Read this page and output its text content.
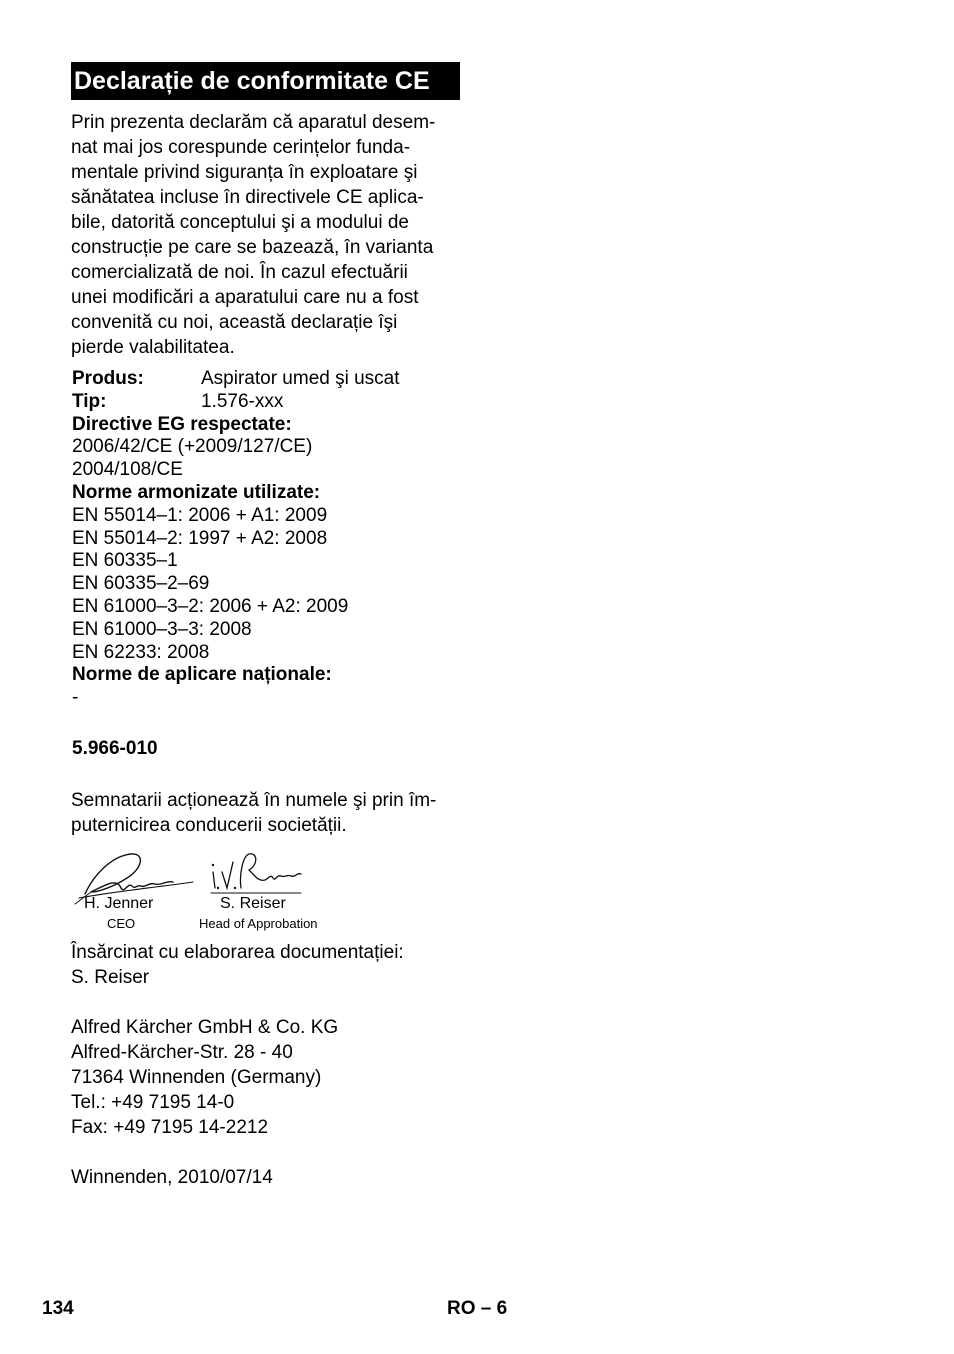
Declarație de conformitate CE
Prin prezenta declarăm că aparatul desem-
nat mai jos corespunde cerințelor funda-
mentale privind siguranța în exploatare şi
sănătatea incluse în directivele CE aplica-
bile, datorită conceptului şi a modului de
construcție pe care se bazează, în varianta
comercializată de noi. În cazul efectuării
unei modificări a aparatului care nu a fost
convenită cu noi, această declarație îşi
pierde valabilitatea.
Produs:	Aspirator umed şi uscat
Tip:	1.576-xxx
Directive EG respectate:
2006/42/CE (+2009/127/CE)
2004/108/CE
Norme armonizate utilizate:
EN 55014–1: 2006 + A1: 2009
EN 55014–2: 1997 + A2: 2008
EN 60335–1
EN 60335–2–69
EN 61000–3–2: 2006 + A2: 2009
EN 61000–3–3: 2008
EN 62233: 2008
Norme de aplicare naționale:
-
5.966-010
Semnatarii acționează în numele şi prin îm-
puternicirea conducerii societății.
H. Jenner
CEO
S. Reiser
Head of Approbation
Însărcinat cu elaborarea documentației:
S. Reiser
Alfred Kärcher GmbH & Co. KG
Alfred-Kärcher-Str. 28 - 40
71364 Winnenden (Germany)
Tel.: +49 7195 14-0
Fax: +49 7195 14-2212
Winnenden, 2010/07/14
134	RO – 6
